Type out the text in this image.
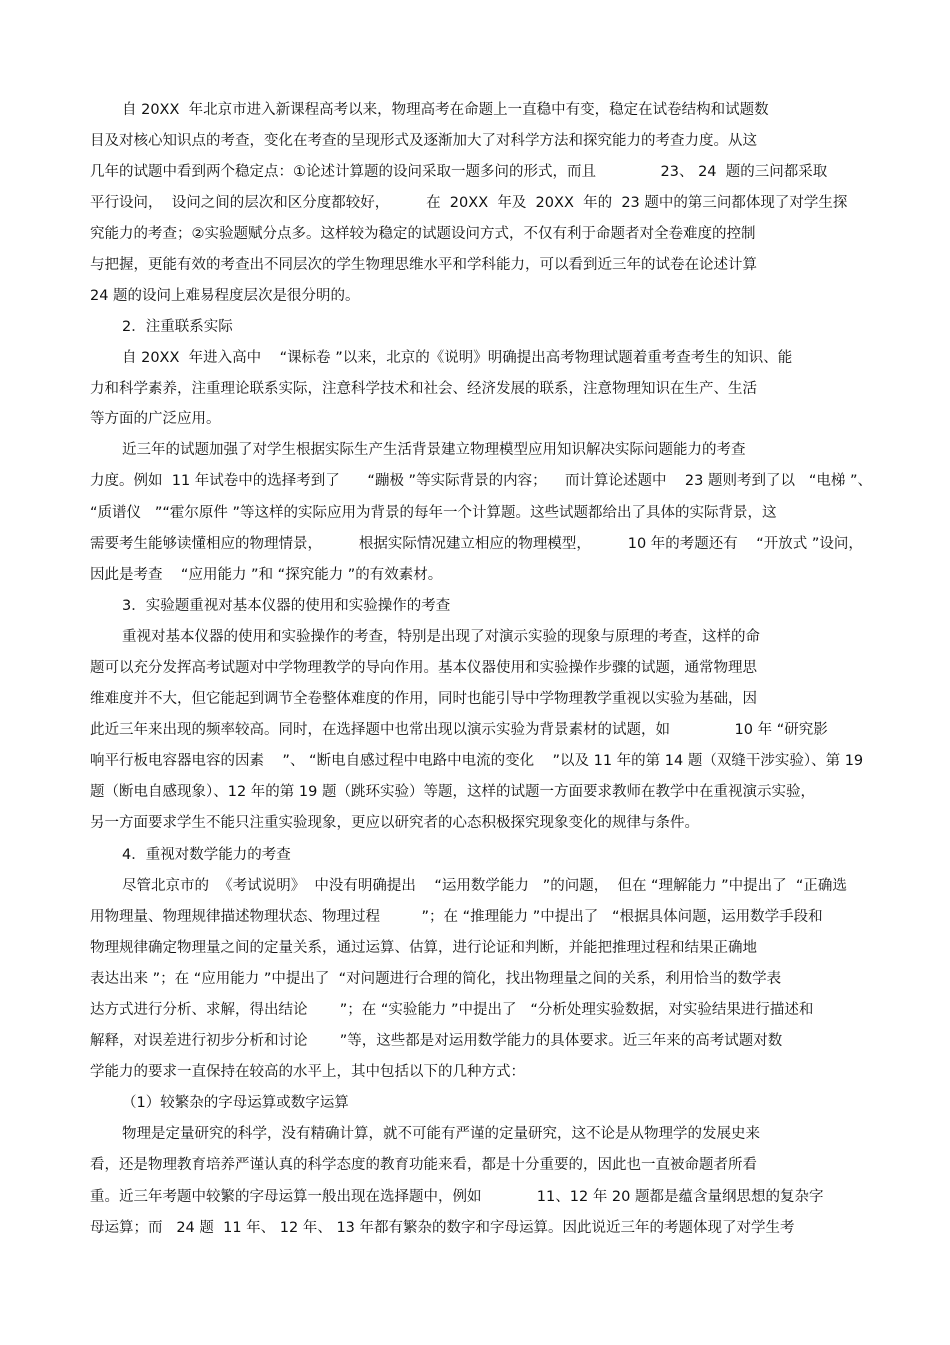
自 20XX  年北京市进入新课程高考以来，物理高考在命题上一直稳中有变，稳定在试卷结构和试题数
目及对核心知识点的考查，变化在考查的呈现形式及逐渐加大了对科学方法和探究能力的考查力度。从这
几年的试题中看到两个稳定点：①论述计算题的设问采取一题多问的形式，而且              23、 24  题的三问都采取
平行设问，  设问之间的层次和区分度都较好，        在  20XX  年及  20XX  年的  23 题中的第三问都体现了对学生探
究能力的考查；②实验题赋分点多。这样较为稳定的试题设问方式，不仅有利于命题者对全卷难度的控制
与把握，更能有效的考查出不同层次的学生物理思维水平和学科能力，可以看到近三年的试卷在论述计算
24 题的设问上难易程度层次是很分明的。
2．注重联系实际
自 20XX  年进入高中    “课标卷 ”以来，北京的《说明》明确提出高考物理试题着重考查考生的知识、能
力和科学素养，注重理论联系实际，注意科学技术和社会、经济发展的联系，注意物理知识在生产、生活
等方面的广泛应用。
近三年的试题加强了对学生根据实际生产生活背景建立物理模型应用知识解决实际问题能力的考查
力度。例如  11 年试卷中的选择考到了      “蹦极 ”等实际背景的内容；    而计算论述题中    23 题则考到了以   “电梯 ”、
“质谱仪   ”“霍尔原件 ”等这样的实际应用为背景的每年一个计算题。这些试题都给出了具体的实际背景，这
需要考生能够读懂相应的物理情景，        根据实际情况建立相应的物理模型，        10 年的考题还有    “开放式 ”设问，
因此是考查    “应用能力 ”和 “探究能力 ”的有效素材。
3．实验题重视对基本仪器的使用和实验操作的考查
重视对基本仪器的使用和实验操作的考查，特别是出现了对演示实验的现象与原理的考查，这样的命
题可以充分发挥高考试题对中学物理教学的导向作用。基本仪器使用和实验操作步骤的试题，通常物理思
维难度并不大，但它能起到调节全卷整体难度的作用，同时也能引导中学物理教学重视以实验为基础，因
此近三年来出现的频率较高。同时，在选择题中也常出现以演示实验为背景素材的试题，如              10 年 “研究影
响平行板电容器电容的因素    ”、 “断电自感过程中电路中电流的变化    ”以及 11 年的第 14 题（双缝干涉实验）、第 19
题（断电自感现象）、12 年的第 19 题（跳环实验）等题，这样的试题一方面要求教师在教学中在重视演示实验，
另一方面要求学生不能只注重实验现象，更应以研究者的心态积极探究现象变化的规律与条件。
4．重视对数学能力的考查
尽管北京市的  《考试说明》  中没有明确提出    “运用数学能力   ”的问题，  但在 “理解能力 ”中提出了  “正确选
用物理量、物理规律描述物理状态、物理过程         ”；在 “推理能力 ”中提出了   “根据具体问题，运用数学手段和
物理规律确定物理量之间的定量关系，通过运算、估算，进行论证和判断，并能把推理过程和结果正确地
表达出来 ”；在 “应用能力 ”中提出了  “对问题进行合理的简化，找出物理量之间的关系，利用恰当的数学表
达方式进行分析、求解，得出结论       ”；在 “实验能力 ”中提出了   “分析处理实验数据，对实验结果进行描述和
解释，对误差进行初步分析和讨论       ”等，这些都是对运用数学能力的具体要求。近三年来的高考试题对数
学能力的要求一直保持在较高的水平上，其中包括以下的几种方式：
（1）较繁杂的字母运算或数字运算
物理是定量研究的科学，没有精确计算，就不可能有严谨的定量研究，这不论是从物理学的发展史来
看，还是物理教育培养严谨认真的科学态度的教育功能来看，都是十分重要的，因此也一直被命题者所看
重。近三年考题中较繁的字母运算一般出现在选择题中，例如            11、12 年 20 题都是蕴含量纲思想的复杂字
母运算；而   24 题  11 年、 12 年、 13 年都有繁杂的数字和字母运算。因此说近三年的考题体现了对学生考
